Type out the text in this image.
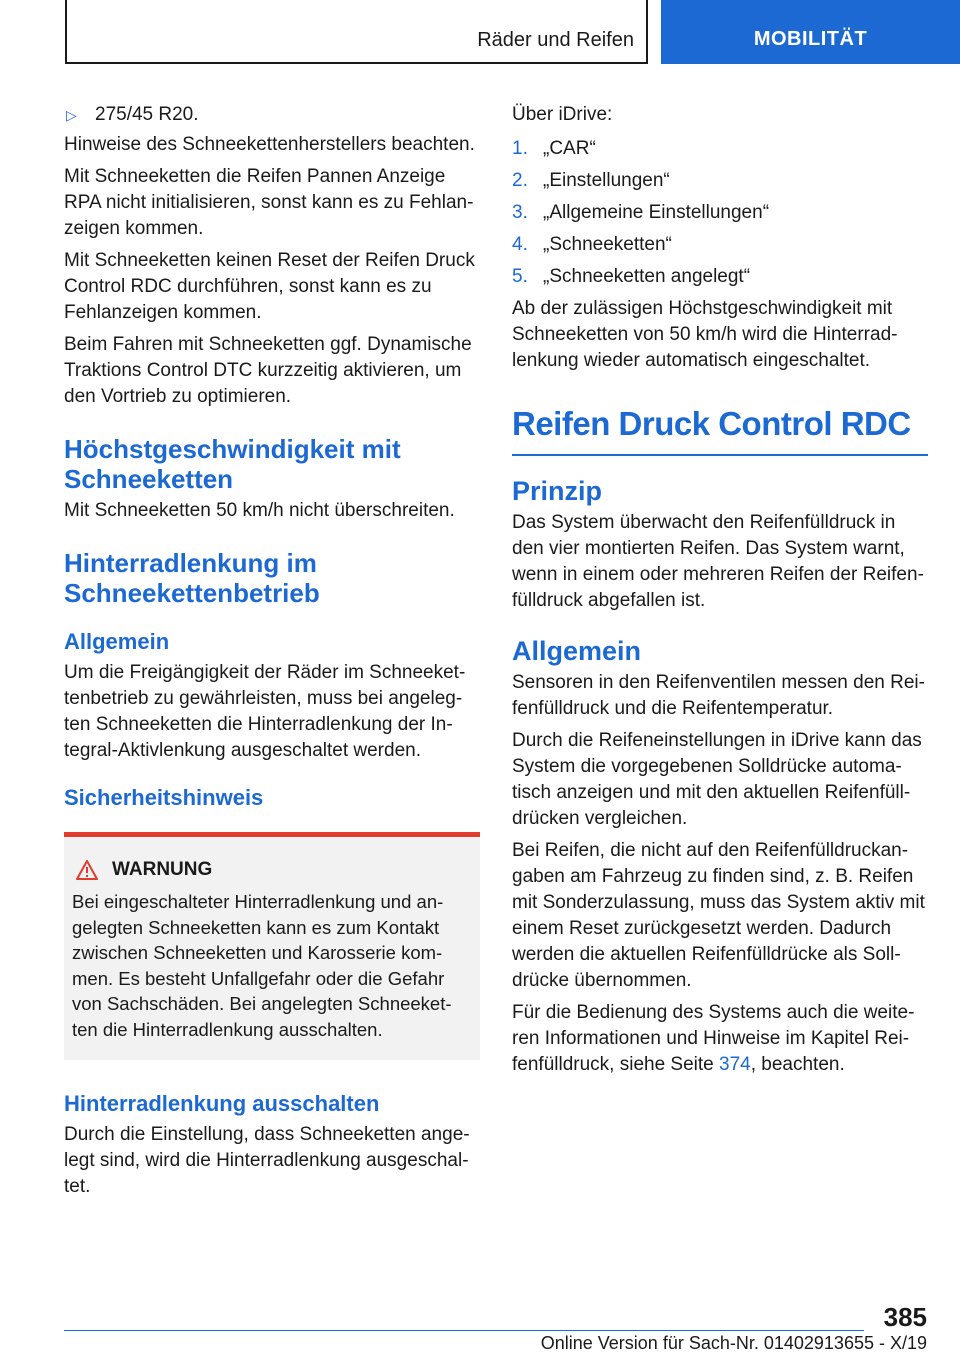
Räder und Reifen	MOBILITÄT
▷ 275/45 R20.

Hinweise des Schneekettenherstellers beachten.

Mit Schneeketten die Reifen Pannen Anzeige RPA nicht initialisieren, sonst kann es zu Fehlanzeigen kommen.

Mit Schneeketten keinen Reset der Reifen Druck Control RDC durchführen, sonst kann es zu Fehlanzeigen kommen.

Beim Fahren mit Schneeketten ggf. Dynamische Traktions Control DTC kurzzeitig aktivieren, um den Vortrieb zu optimieren.

Höchstgeschwindigkeit mit Schneeketten

Mit Schneeketten 50 km/h nicht überschreiten.

Hinterradlenkung im Schneekettenbetrieb
Allgemein

Um die Freigängigkeit der Räder im Schneekettenbetrieb zu gewährleisten, muss bei angelegten Schneeketten die Hinterradlenkung der Integral-Aktivlenkung ausgeschaltet werden.

Sicherheitshinweis
WARNUNG

Bei eingeschalteter Hinterradlenkung und angelegten Schneeketten kann es zum Kontakt zwischen Schneeketten und Karosserie kommen. Es besteht Unfallgefahr oder die Gefahr von Sachschäden. Bei angelegten Schneeketten die Hinterradlenkung ausschalten.

Hinterradlenkung ausschalten

Durch die Einstellung, dass Schneeketten angelegt sind, wird die Hinterradlenkung ausgeschaltet.

Über iDrive:

1. „CAR“
2. „Einstellungen“
3. „Allgemeine Einstellungen“
4. „Schneeketten“
5. „Schneeketten angelegt“

Ab der zulässigen Höchstgeschwindigkeit mit Schneeketten von 50 km/h wird die Hinterradlenkung wieder automatisch eingeschaltet.

Reifen Druck Control RDC
Prinzip

Das System überwacht den Reifenfülldruck in den vier montierten Reifen. Das System warnt, wenn in einem oder mehreren Reifen der Reifenfülldruck abgefallen ist.

Allgemein

Sensoren in den Reifenventilen messen den Reifenfülldruck und die Reifentemperatur.

Durch die Reifeneinstellungen in iDrive kann das System die vorgegebenen Solldrücke automatisch anzeigen und mit den aktuellen Reifenfülldrücken vergleichen.

Bei Reifen, die nicht auf den Reifenfülldruckangaben am Fahrzeug zu finden sind, z. B. Reifen mit Sonderzulassung, muss das System aktiv mit einem Reset zurückgesetzt werden. Dadurch werden die aktuellen Reifenfülldrücke als Solldrücke übernommen.

Für die Bedienung des Systems auch die weiteren Informationen und Hinweise im Kapitel Reifenfülldruck, siehe Seite 374, beachten.

385
Online Version für Sach-Nr. 01402913655 - X/19
